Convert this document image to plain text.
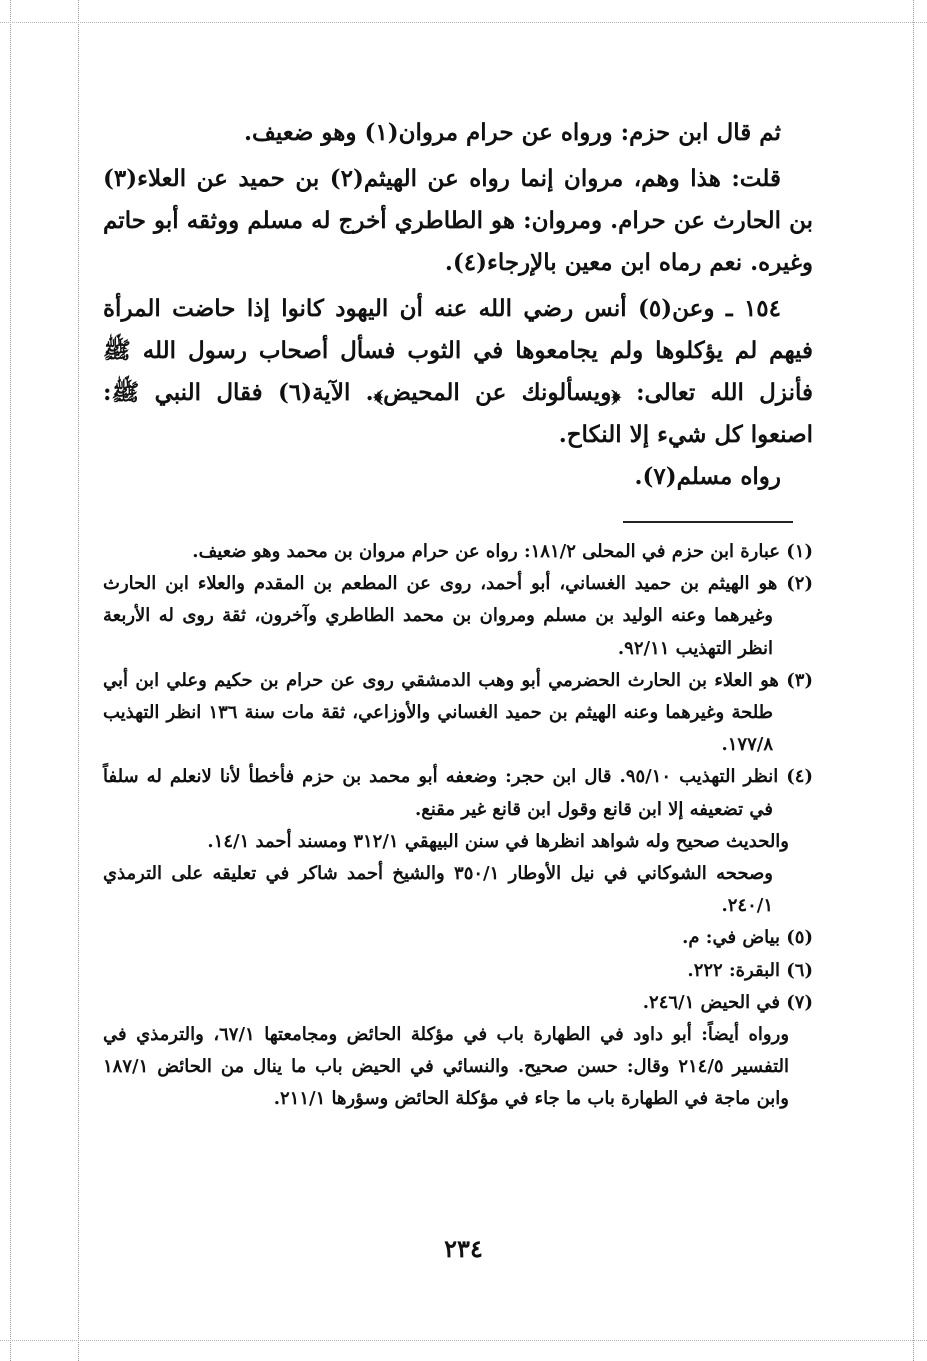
ثم قال ابن حزم: ورواه عن حرام مروان(١) وهو ضعيف.

قلت: هذا وهم، مروان إنما رواه عن الهيثم(٢) بن حميد عن العلاء(٣) بن الحارث عن حرام. ومروان: هو الطاطري أخرج له مسلم ووثقه أبو حاتم وغيره. نعم رماه ابن معين بالإرجاء(٤).

١٥٤ ـ وعن(٥) أنس رضي الله عنه أن اليهود كانوا إذا حاضت المرأة فيهم لم يؤكلوها ولم يجامعوها في الثوب فسأل أصحاب رسول الله ﷺ فأنزل الله تعالى: ﴿ويسألونك عن المحيض﴾. الآية(٦) فقال النبي ﷺ: اصنعوا كل شيء إلا النكاح.

رواه مسلم(٧).

(١) عبارة ابن حزم في المحلى ١٨١/٢: رواه عن حرام مروان بن محمد وهو ضعيف.

(٢) هو الهيثم بن حميد الغساني، أبو أحمد، روى عن المطعم بن المقدم والعلاء ابن الحارث وغيرهما وعنه الوليد بن مسلم ومروان بن محمد الطاطري وآخرون، ثقة روى له الأربعة انظر التهذيب ٩٢/١١.

(٣) هو العلاء بن الحارث الحضرمي أبو وهب الدمشقي روى عن حرام بن حكيم وعلي ابن أبي طلحة وغيرهما وعنه الهيثم بن حميد الغساني والأوزاعي، ثقة مات سنة ١٣٦ انظر التهذيب ١٧٧/٨.

(٤) انظر التهذيب ٩٥/١٠. قال ابن حجر: وضعفه أبو محمد بن حزم فأخطأ لأنا لانعلم له سلفاً في تضعيفه إلا ابن قانع وقول ابن قانع غير مقنع.

والحديث صحيح وله شواهد انظرها في سنن البيهقي ٣١٢/١ ومسند أحمد ١٤/١.

وصححه الشوكاني في نيل الأوطار ٣٥٠/١ والشيخ أحمد شاكر في تعليقه على الترمذي ٢٤٠/١.

(٥) بياض في: م.

(٦) البقرة: ٢٢٢.

(٧) في الحيض ٢٤٦/١.

ورواه أيضاً: أبو داود في الطهارة باب في مؤكلة الحائض ومجامعتها ٦٧/١، والترمذي في التفسير ٢١٤/٥ وقال: حسن صحيح. والنسائي في الحيض باب ما ينال من الحائض ١٨٧/١ وابن ماجة في الطهارة باب ما جاء في مؤكلة الحائض وسؤرها ٢١١/١.

٢٣٤
